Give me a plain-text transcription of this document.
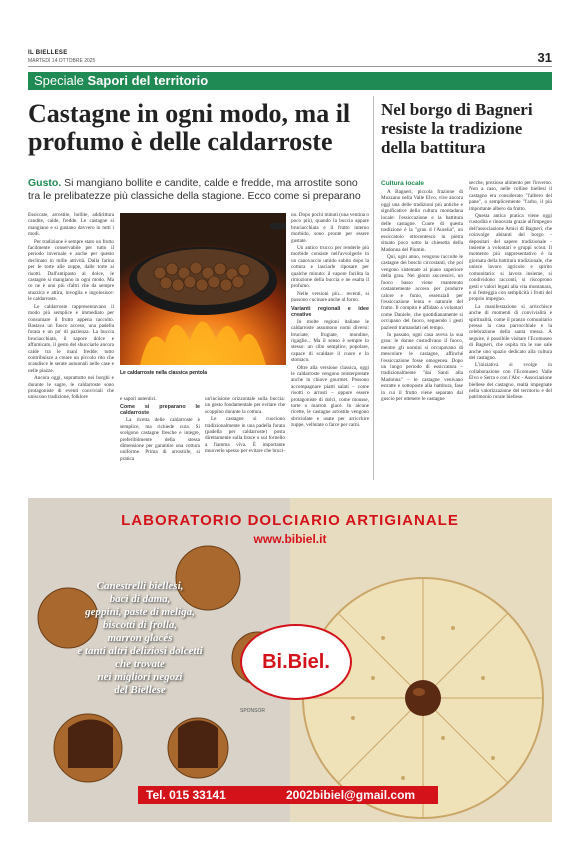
IL BIELLESE
MARTEDÌ 14 OTTOBRE 2025	31
Speciale Sapori del territorio
Castagne in ogni modo, ma il profumo è delle caldarroste
Nel borgo di Bagneri resiste la tradizione della battitura
Gusto. Si mangiano bollite e candite, calde e fredde, ma arrostite sono tra le prelibatezze più classiche della stagione. Ecco come si preparano

Essiccate, arrostite, bollite, addirittura candite, calde, fredde. Le castagne si mangiano e si gustano davvero in tutti i modi.

Per tradizione è sempre stato un frutto facilmente conservabile per tutto il periodo invernale e anche per questo declinato in mille attività. Dalla farina per le torte alle zuppe, dalle torte ai risotti. Dall'antipasto al dolce, le castagne si mangiano in ogni modo. Ma ce ne è uno più d'altri che da sempre stuzzica e attira, invoglia e ingolosisce: le caldarroste.

Le caldarroste rappresentavano il modo più semplice e immediato per consumare il frutto appena raccolto. Bastava un fuoco acceso, una padella forata e un po' di pazienza. La buccia bruciacchiata, il sapore dolce e affumicato, il gesto del sbucciarle ancora calde tra le mani fredde: tutto contribuisce a creare un piccolo rito che scandisce le serate autunnali nelle case e nelle piazze.

Ancora oggi, soprattutto nei borghi e durante le sagre, le caldarroste sono protagoniste di eventi conviviali che uniscono tradizione, folklore

Le caldarroste nella classica pentola

e sapori autentici.

Come si preparano le caldarroste

La ricetta delle caldarroste è semplice, ma richiede cura. Si scelgono castagne fresche e integre, preferibilmente della stessa dimensione per garantire una cottura uniforme. Prima di arrostirle, si pratica

un'incisione orizzontale sulla buccia: un gesto fondamentale per evitare che scoppino durante la cottura.

Le castagne si cuociono tradizionalmente in una padella forata (padella per caldarroste) posta direttamente sulla brace o sul fornello a fiamma viva. È importante muoverle spesso per evitare che bruci-

no. Dopo pochi minuti (una ventina o poco più), quando la buccia appare bruciacchiata e il frutto interno morbido, sono pronte per essere gustate.

Un antico trucco per renderle più morbide consiste nell'avvolgerle in un canovaccio umido subito dopo la cottura e lasciarle riposare per qualche minuto: il vapore facilita la rimozione della buccia e ne esalta il profumo.

Nelle versioni più... recenti, si possono cucinare anche al forno.

Varianti regionali e idee creative

In molte regioni italiane le caldarroste assumono nomi diversi: bruciate, frugiate, mondine, rigaglie... Ma il senso è sempre lo stesso: un cibo semplice, popolare, capace di scaldare il cuore e lo stomaco.

Oltre alla versione classica, oggi le caldarroste vengono reinterpretate anche in chiave gourmet. Possono accompagnare piatti salati – come risotti o arrosti – oppure essere protagoniste di dolci, come mousse, torte o marron glacé. In alcune ricette, le castagne arrostite vengono sbriciolate e usate per arricchire zuppe, vellutate o farce per carni.

Cultura locale

A Bagneri, piccola frazione di Muzzano nella Valle Elvo, vive ancora oggi una delle tradizioni più antiche e significative della cultura montadana locale: l'essiccazione e la battitura delle castagne. Cuore di questa tradizione è la "grau d l'Aurelia", un essiccatoio ottocentesco in pietra situato poco sotto la chiesetta della Madonna del Piumin.

Qui, ogni anno, vengono raccolte le castagne dei boschi circostanti, che poi vengono sistemate al piano superiore della grau. Nei giorni successivi, un fuoco basso viene mantenuto costantemente acceso per produrre calore e fumo, essenziali per l'essiccazione lenta e naturale del frutto. Il compito è affidato a volontari come Daniele, che quotidianamente si occupano del fuoco, seguendo i gesti pazienti tramandati nel tempo.

In passato, ogni casa aveva la sua grau: le donne custodivano il fuoco, mentre gli uomini si occupavano di mescolare le castagne, affinché l'essiccazione fosse omogenea. Dopo un lungo periodo di essiccatura – tradizionalmente "dai Santi alla Madonna" – le castagne venivano estratte e sottoposte alla battitura, fase in cui il frutto viene separato dal guscio per ottenere le castagne

secche, prezioso alimento per l'inverno. Non a caso, nelle colline biellesi il castagno era considerato "l'albero del pane", o semplicemente "l'arbo, il più importante albero da frutto.

Questa antica pratica viene oggi custodita e rinnovata grazie all'impegno dell'associazione Amici di Bagneri, che coinvolge abitanti del borgo - depositari del sapere tradizionale - insieme a volontari e gruppi scout. Il momento più rappresentativo è la giornata della battitura tradizionale, che unisce lavoro agricolo e spirito comunitario: si lavora insieme, si condividono racconti, si riscoprono gesti e valori legati alla vita montanara, e si festeggia con semplicità i frutti del proprio impegno.

La manifestazione si arricchisce anche di momenti di convivialità e spiritualità, come il pranzo comunitario presso la casa parrocchiale e la celebrazione della santa messa. A seguire, è possibile visitare l'Ecomuseo di Bagneri, che ospita tra le sue sale anche uno spazio dedicato alla cultura del castagno.

L'iniziativa si svolge in collaborazione con l'Ecomuseo Valle Elvo e Serra e con l'Abc - Associazione biellese del castagno, realtà impegnate nella valorizzazione del territorio e del patrimonio rurale biellese.

LABORATORIO DOLCIARIO ARTIGIANALE
www.bibiel.it
Canestrelli biellesi,
baci di dama,
geppini, paste di meliga,
biscotti di frolla,
marron glacés
e tanti altri deliziosi dolcetti
che trovate
nei migliori negozi
del Biellese
Bi.Biel.
SPONSOR
Tel. 015 33141	2002bibiel@gmail.com
